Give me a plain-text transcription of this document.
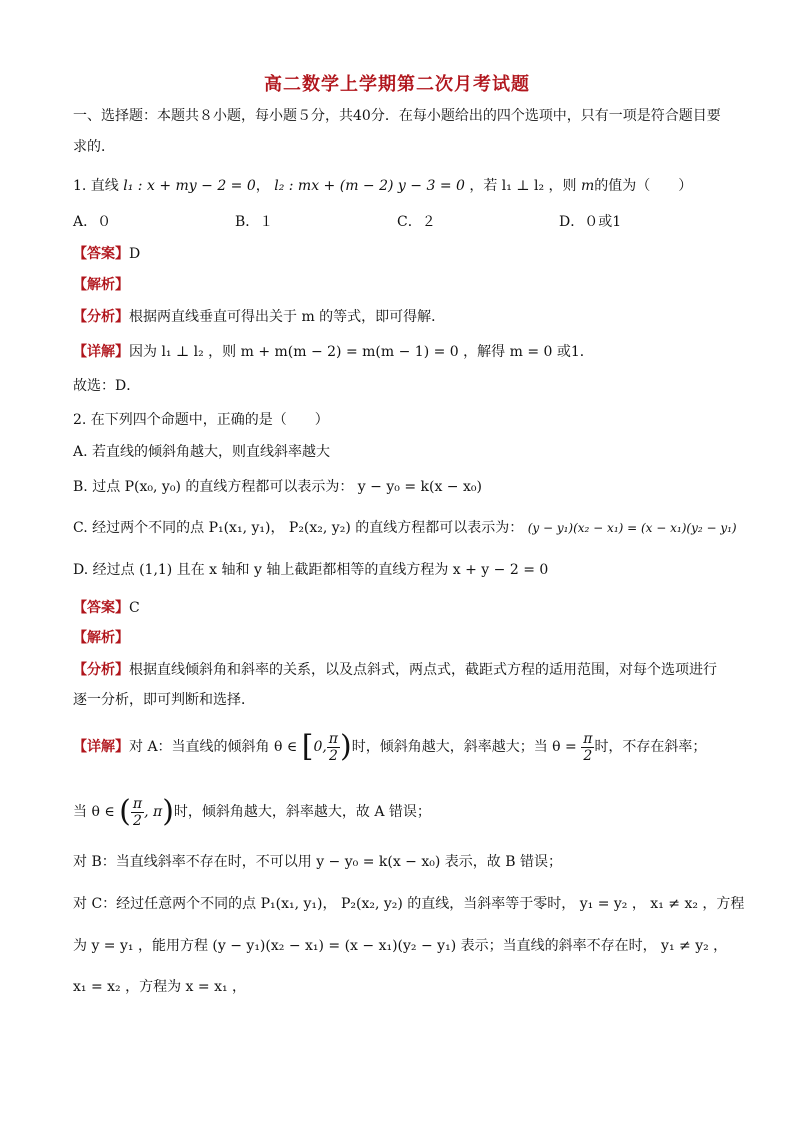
高二数学上学期第二次月考试题
一、选择题：本题共８小题，每小题５分，共40分．在每小题给出的四个选项中，只有一项是符合题目要
求的．
1. 直线 l₁ : x + my − 2 = 0， l₂ : mx + (m − 2) y − 3 = 0 ，若 l₁ ⊥ l₂ ，则 m的值为（　　）
A．０	B．１	C．２	D．０或1
【答案】D
【解析】
【分析】根据两直线垂直可得出关于 m 的等式，即可得解．
【详解】因为 l₁ ⊥ l₂ ，则 m + m(m − 2) = m(m − 1) = 0 ，解得 m = 0 或1．
故选：D．
2. 在下列四个命题中，正确的是（　　）
A. 若直线的倾斜角越大，则直线斜率越大
B. 过点 P(x₀, y₀) 的直线方程都可以表示为： y − y₀ = k(x − x₀)
C. 经过两个不同的点 P₁(x₁, y₁)， P₂(x₂, y₂) 的直线方程都可以表示为： (y − y₁)(x₂ − x₁) = (x − x₁)(y₂ − y₁)
D. 经过点 (1,1) 且在 x 轴和 y 轴上截距都相等的直线方程为 x + y − 2 = 0
【答案】C
【解析】
【分析】根据直线倾斜角和斜率的关系，以及点斜式，两点式，截距式方程的适用范围，对每个选项进行
逐一分析，即可判断和选择．
【详解】对 A：当直线的倾斜角 θ ∈ [0, $\frac{\pi}{2}$ )时，倾斜角越大，斜率越大；当 $\theta = \frac{\pi}{2}$ 时，不存在斜率；
当 θ ∈ ( $\frac{\pi}{2}$ , π)时，倾斜角越大，斜率越大，故 A 错误；
对 B：当直线斜率不存在时，不可以用 y − y₀ = k(x − x₀) 表示，故 B 错误；
对 C：经过任意两个不同的点 P₁(x₁, y₁)， P₂(x₂, y₂) 的直线，当斜率等于零时， y₁ = y₂ ， x₁ ≠ x₂ ，方程
为 y = y₁ ，能用方程 (y − y₁)(x₂ − x₁) = (x − x₁)(y₂ − y₁) 表示；当直线的斜率不存在时， y₁ ≠ y₂ ，
x₁ = x₂ ，方程为 x = x₁ ，
